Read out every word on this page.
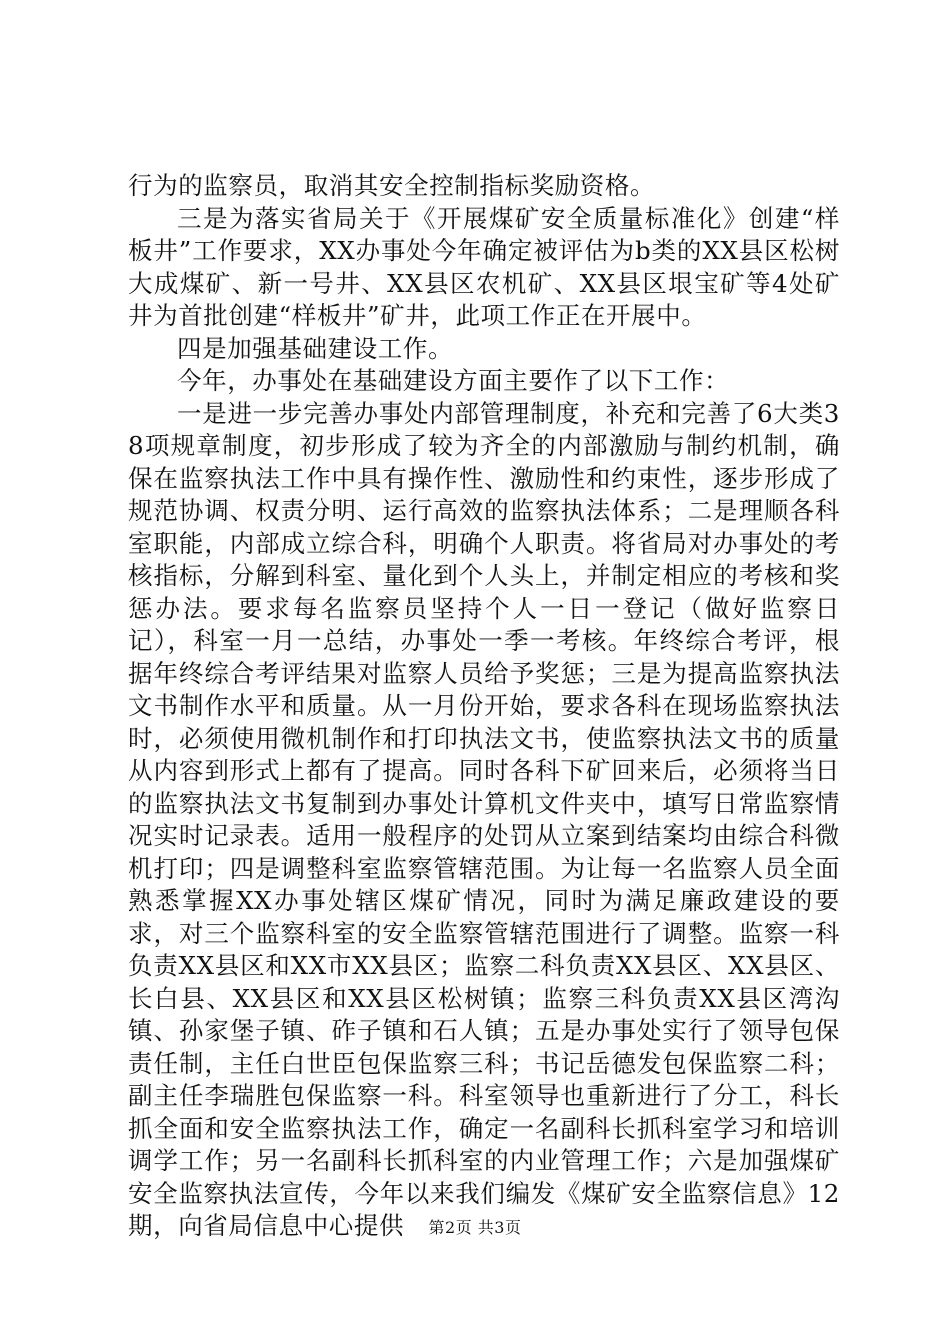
行为的监察员，取消其安全控制指标奖励资格。

三是为落实省局关于《开展煤矿安全质量标准化》创建“样板井”工作要求，XX办事处今年确定被评估为b类的XX县区松树大成煤矿、新一号井、XX县区农机矿、XX县区垠宝矿等4处矿井为首批创建“样板井”矿井，此项工作正在开展中。

四是加强基础建设工作。

今年，办事处在基础建设方面主要作了以下工作：

一是进一步完善办事处内部管理制度，补充和完善了6大类38项规章制度，初步形成了较为齐全的内部激励与制约机制，确保在监察执法工作中具有操作性、激励性和约束性，逐步形成了规范协调、权责分明、运行高效的监察执法体系；二是理顺各科室职能，内部成立综合科，明确个人职责。将省局对办事处的考核指标，分解到科室、量化到个人头上，并制定相应的考核和奖惩办法。要求每名监察员坚持个人一日一登记（做好监察日记），科室一月一总结，办事处一季一考核。年终综合考评，根据年终综合考评结果对监察人员给予奖惩；三是为提高监察执法文书制作水平和质量。从一月份开始，要求各科在现场监察执法时，必须使用微机制作和打印执法文书，使监察执法文书的质量从内容到形式上都有了提高。同时各科下矿回来后，必须将当日的监察执法文书复制到办事处计算机文件夹中，填写日常监察情况实时记录表。适用一般程序的处罚从立案到结案均由综合科微机打印；四是调整科室监察管辖范围。为让每一名监察人员全面熟悉掌握XX办事处辖区煤矿情况，同时为满足廉政建设的要求，对三个监察科室的安全监察管辖范围进行了调整。监察一科负责XX县区和XX市XX县区；监察二科负责XX县区、XX县区、长白县、XX县区和XX县区松树镇；监察三科负责XX县区湾沟镇、孙家堡子镇、砟子镇和石人镇；五是办事处实行了领导包保责任制，主任白世臣包保监察三科；书记岳德发包保监察二科；副主任李瑞胜包保监察一科。科室领导也重新进行了分工，科长抓全面和安全监察执法工作，确定一名副科长抓科室学习和培训调学工作；另一名副科长抓科室的内业管理工作；六是加强煤矿安全监察执法宣传，今年以来我们编发《煤矿安全监察信息》12期，向省局信息中心提供	第2页 共3页
